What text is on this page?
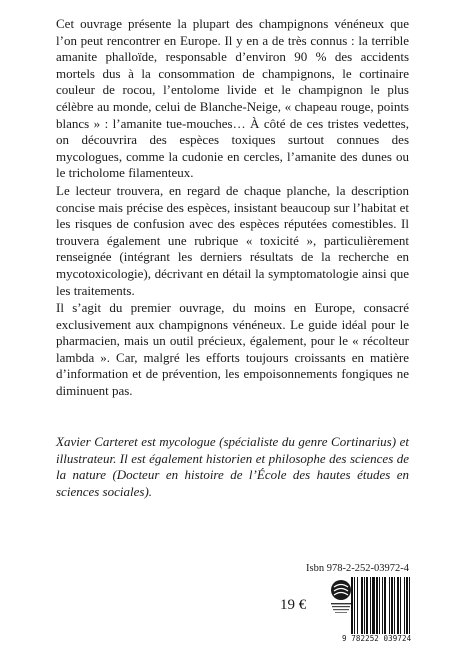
Cet ouvrage présente la plupart des champignons vénéneux que l’on peut rencontrer en Europe. Il y en a de très connus : la terrible amanite phalloïde, responsable d’environ 90 % des accidents mortels dus à la consommation de champignons, le cortinaire couleur de rocou, l’entolome livide et le champignon le plus célèbre au monde, celui de Blanche-Neige, « chapeau rouge, points blancs » : l’amanite tue-mouches… À côté de ces tristes vedettes, on découvrira des espèces toxiques surtout connues des mycologues, comme la cudonie en cercles, l’amanite des dunes ou le tricholome filamenteux.

Le lecteur trouvera, en regard de chaque planche, la description concise mais précise des espèces, insistant beaucoup sur l’habitat et les risques de confusion avec des espèces réputées comestibles. Il trouvera également une rubrique « toxicité », particulièrement renseignée (intégrant les derniers résultats de la recherche en mycotoxicologie), décrivant en détail la symptomatologie ainsi que les traitements.

Il s’agit du premier ouvrage, du moins en Europe, consacré exclusivement aux champignons vénéneux. Le guide idéal pour le pharmacien, mais un outil précieux, également, pour le « récolteur lambda ». Car, malgré les efforts toujours croissants en matière d’information et de prévention, les empoisonnements fongiques ne diminuent pas.

Xavier Carteret est mycologue (spécialiste du genre Cortinarius) et illustrateur. Il est également historien et philosophe des sciences de la nature (Docteur en histoire de l’École des hautes études en sciences sociales).
Isbn 978-2-252-03972-4
19 €
9 782252 039724
